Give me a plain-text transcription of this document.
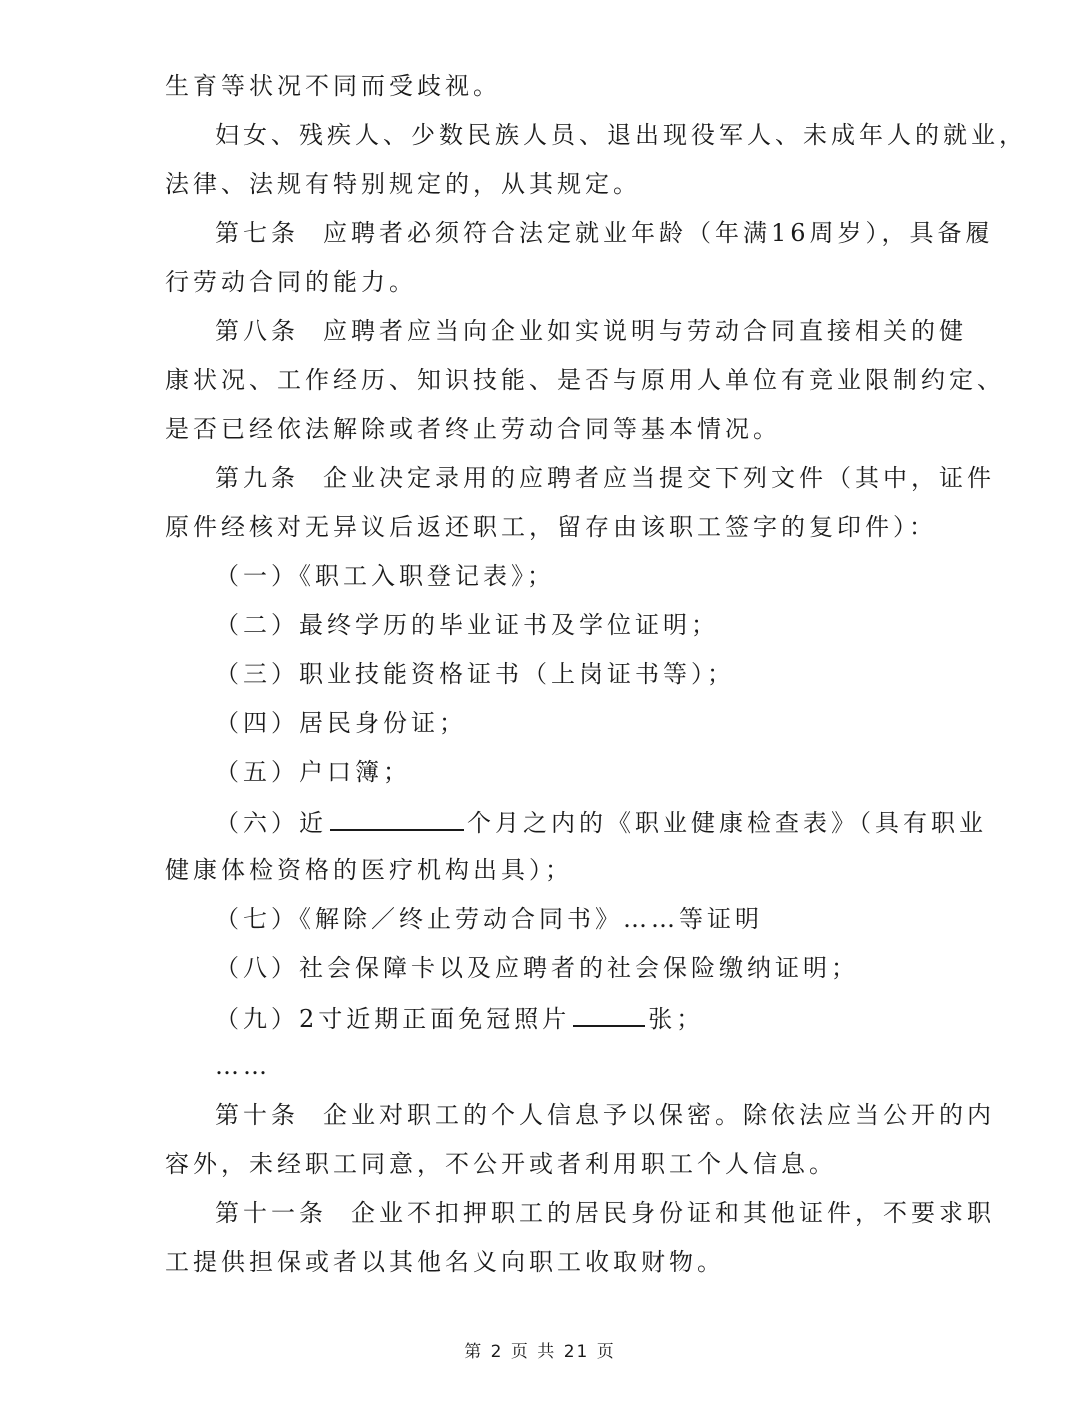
生育等状况不同而受歧视。
妇女、残疾人、少数民族人员、退出现役军人、未成年人的就业，
法律、法规有特别规定的，从其规定。
第七条 应聘者必须符合法定就业年龄（年满16周岁），具备履
行劳动合同的能力。
第八条 应聘者应当向企业如实说明与劳动合同直接相关的健
康状况、工作经历、知识技能、是否与原用人单位有竞业限制约定、
是否已经依法解除或者终止劳动合同等基本情况。
第九条 企业决定录用的应聘者应当提交下列文件（其中，证件
原件经核对无异议后返还职工，留存由该职工签字的复印件）：
（一）《职工入职登记表》；
（二）最终学历的毕业证书及学位证明；
（三）职业技能资格证书（上岗证书等）；
（四）居民身份证；
（五）户口簿；
（六）近	个月之内的《职业健康检查表》（具有职业
健康体检资格的医疗机构出具）；
（七）《解除／终止劳动合同书》……等证明
（八）社会保障卡以及应聘者的社会保险缴纳证明；
（九）2寸近期正面免冠照片	张；
……
第十条 企业对职工的个人信息予以保密。除依法应当公开的内
容外，未经职工同意，不公开或者利用职工个人信息。
第十一条 企业不扣押职工的居民身份证和其他证件，不要求职
工提供担保或者以其他名义向职工收取财物。
第 2 页 共 21 页
